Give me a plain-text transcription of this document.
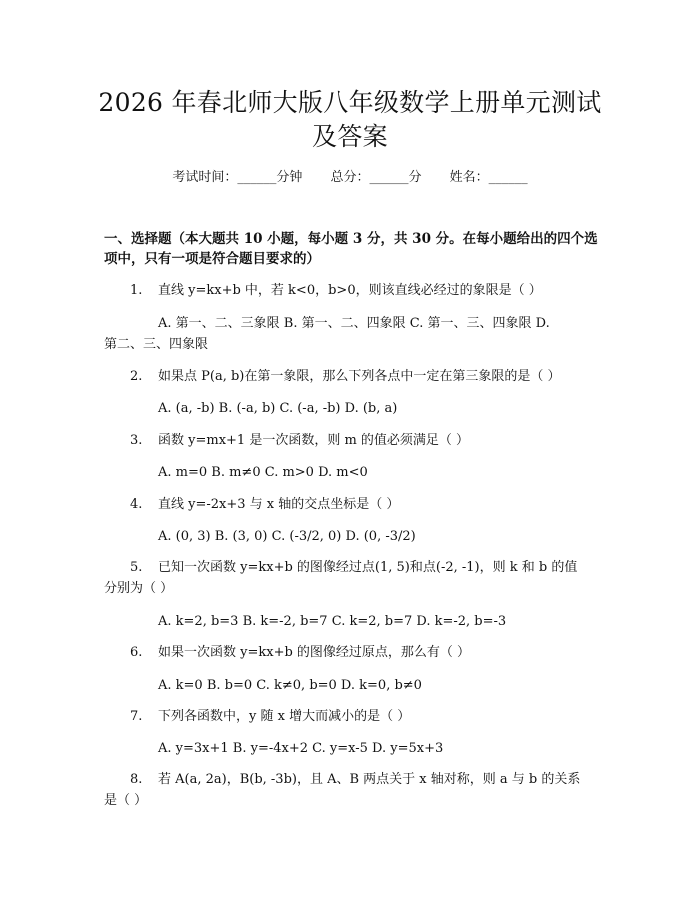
2026 年春北师大版八年级数学上册单元测试
及答案
考试时间：______分钟 总分：______分 姓名：______
一、选择题（本大题共 10 小题，每小题 3 分，共 30 分。在每小题给出的四个选
项中，只有一项是符合题目要求的）
1. 直线 y=kx+b 中，若 k<0，b>0，则该直线必经过的象限是（ ）
A. 第一、二、三象限 B. 第一、二、四象限 C. 第一、三、四象限 D.
第二、三、四象限
2. 如果点 P(a, b)在第一象限，那么下列各点中一定在第三象限的是（ ）
A. (a, -b) B. (-a, b) C. (-a, -b) D. (b, a)
3. 函数 y=mx+1 是一次函数，则 m 的值必须满足（ ）
A. m=0 B. m≠0 C. m>0 D. m<0
4. 直线 y=-2x+3 与 x 轴的交点坐标是（ ）
A. (0, 3) B. (3, 0) C. (-3/2, 0) D. (0, -3/2)
5. 已知一次函数 y=kx+b 的图像经过点(1, 5)和点(-2, -1)，则 k 和 b 的值
分别为（ ）
A. k=2, b=3 B. k=-2, b=7 C. k=2, b=7 D. k=-2, b=-3
6. 如果一次函数 y=kx+b 的图像经过原点，那么有（ ）
A. k=0 B. b=0 C. k≠0, b=0 D. k=0, b≠0
7. 下列各函数中，y 随 x 增大而减小的是（ ）
A. y=3x+1 B. y=-4x+2 C. y=x-5 D. y=5x+3
8. 若 A(a, 2a)，B(b, -3b)，且 A、B 两点关于 x 轴对称，则 a 与 b 的关系
是（ ）
